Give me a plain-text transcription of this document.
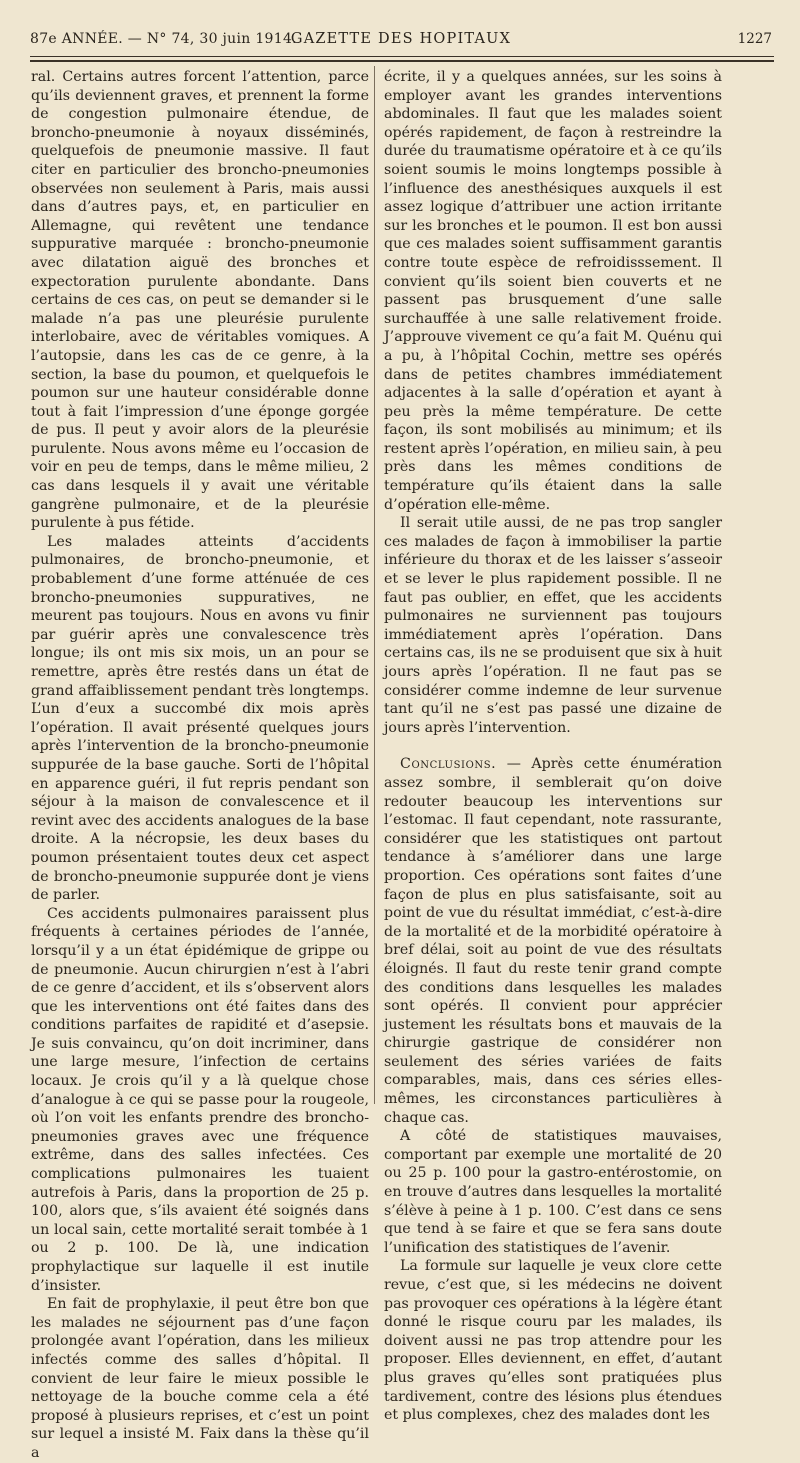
87e ANNÉE. — N° 74, 30 juin 1914.
GAZETTE DES HOPITAUX	1227

ral. Certains autres forcent l’attention, parce qu’ils deviennent graves, et prennent la forme de congestion pulmonaire étendue, de broncho-pneumonie à noyaux disséminés, quelquefois de pneumonie massive. Il faut citer en particulier des broncho-pneumonies observées non seulement à Paris, mais aussi dans d’autres pays, et, en particulier en Allemagne, qui revêtent une tendance suppurative marquée : broncho-pneumonie avec dilatation aiguë des bronches et expectoration purulente abondante. Dans certains de ces cas, on peut se demander si le malade n’a pas une pleurésie purulente interlobaire, avec de véritables vomiques. A l’autopsie, dans les cas de ce genre, à la section, la base du poumon, et quelquefois le poumon sur une hauteur considérable donne tout à fait l’impression d’une éponge gorgée de pus. Il peut y avoir alors de la pleurésie purulente. Nous avons même eu l’occasion de voir en peu de temps, dans le même milieu, 2 cas dans lesquels il y avait une véritable gangrène pulmonaire, et de la pleurésie purulente à pus fétide.

Les malades atteints d’accidents pulmonaires, de broncho-pneumonie, et probablement d’une forme atténuée de ces broncho-pneumonies suppuratives, ne meurent pas toujours. Nous en avons vu finir par guérir après une convalescence très longue; ils ont mis six mois, un an pour se remettre, après être restés dans un état de grand affaiblissement pendant très longtemps. L’un d’eux a succombé dix mois après l’opération. Il avait présenté quelques jours après l’intervention de la broncho-pneumonie suppurée de la base gauche. Sorti de l’hôpital en apparence guéri, il fut repris pendant son séjour à la maison de convalescence et il revint avec des accidents analogues de la base droite. A la nécropsie, les deux bases du poumon présentaient toutes deux cet aspect de broncho-pneumonie suppurée dont je viens de parler.

Ces accidents pulmonaires paraissent plus fréquents à certaines périodes de l’année, lorsqu’il y a un état épidémique de grippe ou de pneumonie. Aucun chirurgien n’est à l’abri de ce genre d’accident, et ils s’observent alors que les interventions ont été faites dans des conditions parfaites de rapidité et d’asepsie. Je suis convaincu, qu’on doit incriminer, dans une large mesure, l’infection de certains locaux. Je crois qu’il y a là quelque chose d’analogue à ce qui se passe pour la rougeole, où l’on voit les enfants prendre des broncho-pneumonies graves avec une fréquence extrême, dans des salles infectées. Ces complications pulmonaires les tuaient autrefois à Paris, dans la proportion de 25 p. 100, alors que, s’ils avaient été soignés dans un local sain, cette mortalité serait tombée à 1 ou 2 p. 100. De là, une indication prophylactique sur laquelle il est inutile d’insister.

En fait de prophylaxie, il peut être bon que les malades ne séjournent pas d’une façon prolongée avant l’opération, dans les milieux infectés comme des salles d’hôpital. Il convient de leur faire le mieux possible le nettoyage de la bouche comme cela a été proposé à plusieurs reprises, et c’est un point sur lequel a insisté M. Faix dans la thèse qu’il a

écrite, il y a quelques années, sur les soins à employer avant les grandes interventions abdominales. Il faut que les malades soient opérés rapidement, de façon à restreindre la durée du traumatisme opératoire et à ce qu’ils soient soumis le moins longtemps possible à l’influence des anesthésiques auxquels il est assez logique d’attribuer une action irritante sur les bronches et le poumon. Il est bon aussi que ces malades soient suffisamment garantis contre toute espèce de refroidisssement. Il convient qu’ils soient bien couverts et ne passent pas brusquement d’une salle surchauffée à une salle relativement froide. J’approuve vivement ce qu’a fait M. Quénu qui a pu, à l’hôpital Cochin, mettre ses opérés dans de petites chambres immédiatement adjacentes à la salle d’opération et ayant à peu près la même température. De cette façon, ils sont mobilisés au minimum; et ils restent après l’opération, en milieu sain, à peu près dans les mêmes conditions de température qu’ils étaient dans la salle d’opération elle-même.

Il serait utile aussi, de ne pas trop sangler ces malades de façon à immobiliser la partie inférieure du thorax et de les laisser s’asseoir et se lever le plus rapidement possible. Il ne faut pas oublier, en effet, que les accidents pulmonaires ne surviennent pas toujours immédiatement après l’opération. Dans certains cas, ils ne se produisent que six à huit jours après l’opération. Il ne faut pas se considérer comme indemne de leur survenue tant qu’il ne s’est pas passé une dizaine de jours après l’intervention.

Conclusions. — Après cette énumération assez sombre, il semblerait qu’on doive redouter beaucoup les interventions sur l’estomac. Il faut cependant, note rassurante, considérer que les statistiques ont partout tendance à s’améliorer dans une large proportion. Ces opérations sont faites d’une façon de plus en plus satisfaisante, soit au point de vue du résultat immédiat, c’est-à-dire de la mortalité et de la morbidité opératoire à bref délai, soit au point de vue des résultats éloignés. Il faut du reste tenir grand compte des conditions dans lesquelles les malades sont opérés. Il convient pour apprécier justement les résultats bons et mauvais de la chirurgie gastrique de considérer non seulement des séries variées de faits comparables, mais, dans ces séries elles-mêmes, les circonstances particulières à chaque cas.

A côté de statistiques mauvaises, comportant par exemple une mortalité de 20 ou 25 p. 100 pour la gastro-entérostomie, on en trouve d’autres dans lesquelles la mortalité s’élève à peine à 1 p. 100. C’est dans ce sens que tend à se faire et que se fera sans doute l’unification des statistiques de l’avenir.

La formule sur laquelle je veux clore cette revue, c’est que, si les médecins ne doivent pas provoquer ces opérations à la légère étant donné le risque couru par les malades, ils doivent aussi ne pas trop attendre pour les proposer. Elles deviennent, en effet, d’autant plus graves qu’elles sont pratiquées plus tardivement, contre des lésions plus étendues et plus complexes, chez des malades dont les
